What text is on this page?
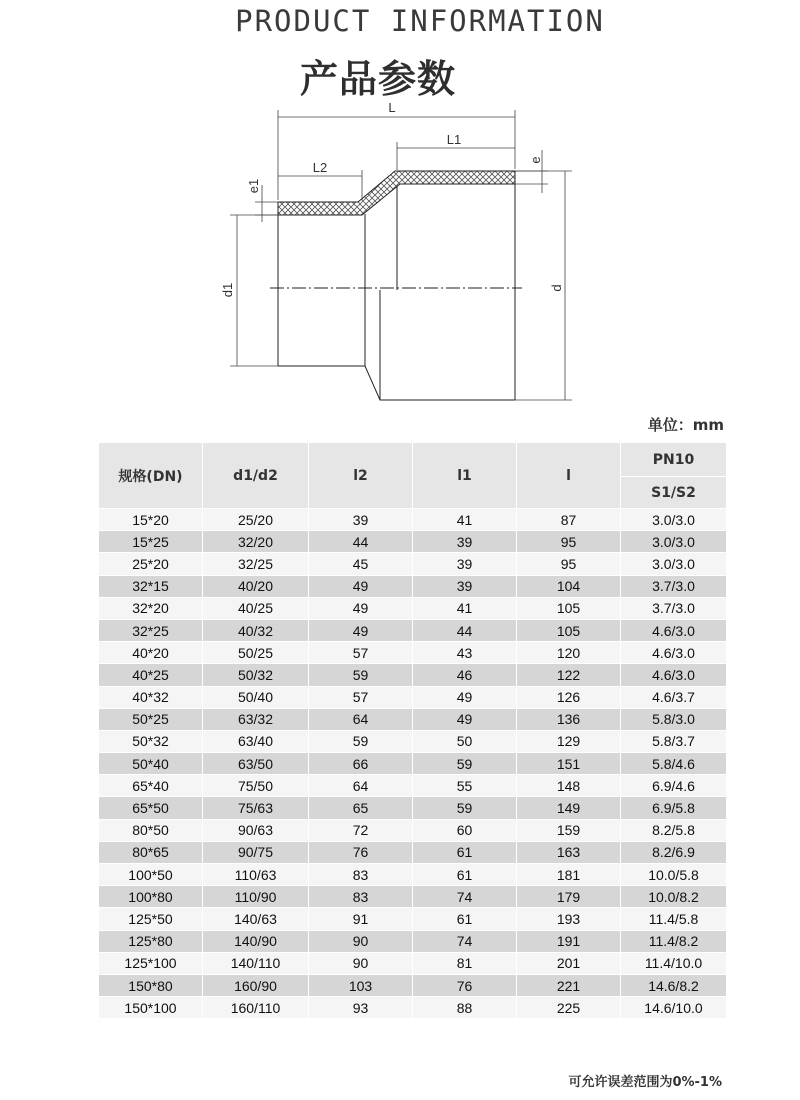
PRODUCT INFORMATION
产品参数
L
L1
L2	e
e1
d1	d
单位：mm
规格(DN)	d1/d2	l2	l1	l	PN10
					S1/S2
15*20	25/20	39	41	87	3.0/3.0
15*25	32/20	44	39	95	3.0/3.0
25*20	32/25	45	39	95	3.0/3.0
32*15	40/20	49	39	104	3.7/3.0
32*20	40/25	49	41	105	3.7/3.0
32*25	40/32	49	44	105	4.6/3.0
40*20	50/25	57	43	120	4.6/3.0
40*25	50/32	59	46	122	4.6/3.0
40*32	50/40	57	49	126	4.6/3.7
50*25	63/32	64	49	136	5.8/3.0
50*32	63/40	59	50	129	5.8/3.7
50*40	63/50	66	59	151	5.8/4.6
65*40	75/50	64	55	148	6.9/4.6
65*50	75/63	65	59	149	6.9/5.8
80*50	90/63	72	60	159	8.2/5.8
80*65	90/75	76	61	163	8.2/6.9
100*50	110/63	83	61	181	10.0/5.8
100*80	110/90	83	74	179	10.0/8.2
125*50	140/63	91	61	193	11.4/5.8
125*80	140/90	90	74	191	11.4/8.2
125*100	140/110	90	81	201	11.4/10.0
150*80	160/90	103	76	221	14.6/8.2
150*100	160/110	93	88	225	14.6/10.0
可允许误差范围为0%-1%
